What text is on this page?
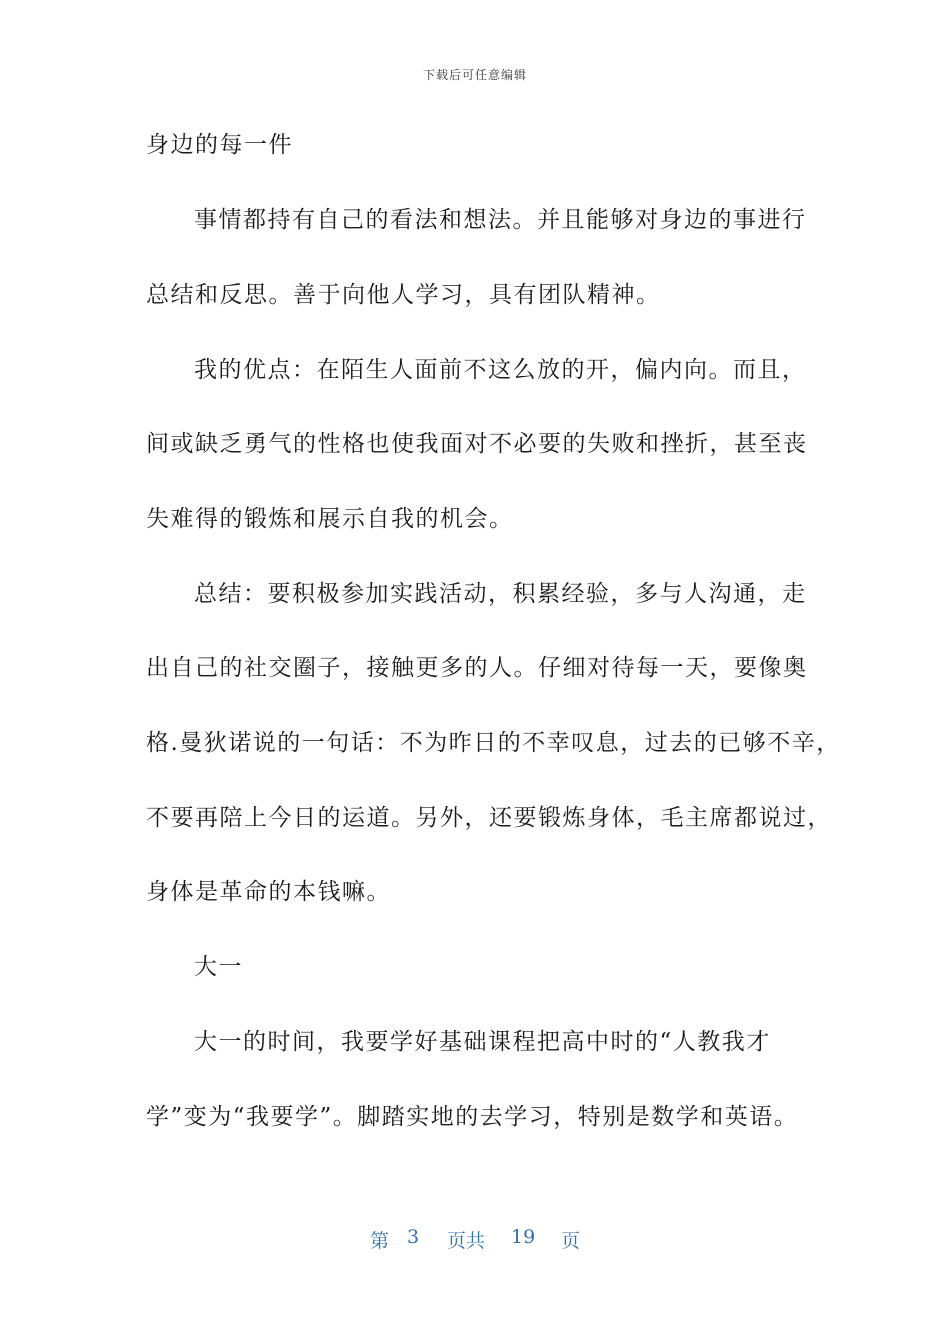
下载后可任意编辑
身边的每一件
事情都持有自己的看法和想法。并且能够对身边的事进行
总结和反思。善于向他人学习，具有团队精神。
我的优点：在陌生人面前不这么放的开，偏内向。而且，
间或缺乏勇气的性格也使我面对不必要的失败和挫折，甚至丧
失难得的锻炼和展示自我的机会。
总结：要积极参加实践活动，积累经验，多与人沟通，走
出自己的社交圈子，接触更多的人。仔细对待每一天，要像奥
格.曼狄诺说的一句话：不为昨日的不幸叹息，过去的已够不辛，
不要再陪上今日的运道。另外，还要锻炼身体，毛主席都说过，
身体是革命的本钱嘛。
大一
大一的时间，我要学好基础课程把高中时的“人教我才
学”变为“我要学”。脚踏实地的去学习，特别是数学和英语。
第 3 页共 19 页
